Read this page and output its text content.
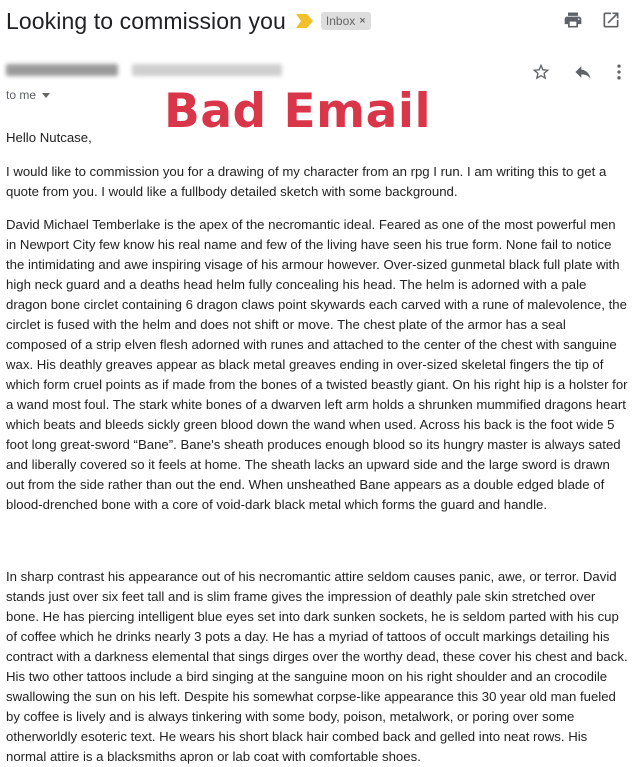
Looking to commission you	Inbox ×
to me	Bad Email

Hello Nutcase,

I would like to commission you for a drawing of my character from an rpg I run. I am writing this to get a quote from you. I would like a fullbody detailed sketch with some background.

David Michael Temberlake is the apex of the necromantic ideal. Feared as one of the most powerful men in Newport City few know his real name and few of the living have seen his true form. None fail to notice the intimidating and awe inspiring visage of his armour however. Over-sized gunmetal black full plate with high neck guard and a deaths head helm fully concealing his head. The helm is adorned with a pale dragon bone circlet containing 6 dragon claws point skywards each carved with a rune of malevolence, the circlet is fused with the helm and does not shift or move. The chest plate of the armor has a seal composed of a strip elven flesh adorned with runes and attached to the center of the chest with sanguine wax. His deathly greaves appear as black metal greaves ending in over-sized skeletal fingers the tip of which form cruel points as if made from the bones of a twisted beastly giant. On his right hip is a holster for a wand most foul. The stark white bones of a dwarven left arm holds a shrunken mummified dragons heart which beats and bleeds sickly green blood down the wand when used. Across his back is the foot wide 5 foot long great-sword “Bane”. Bane's sheath produces enough blood so its hungry master is always sated and liberally covered so it feels at home. The sheath lacks an upward side and the large sword is drawn out from the side rather than out the end. When unsheathed Bane appears as a double edged blade of blood-drenched bone with a core of void-dark black metal which forms the guard and handle.

In sharp contrast his appearance out of his necromantic attire seldom causes panic, awe, or terror. David stands just over six feet tall and is slim frame gives the impression of deathly pale skin stretched over bone. He has piercing intelligent blue eyes set into dark sunken sockets, he is seldom parted with his cup of coffee which he drinks nearly 3 pots a day. He has a myriad of tattoos of occult markings detailing his contract with a darkness elemental that sings dirges over the worthy dead, these cover his chest and back. His two other tattoos include a bird singing at the sanguine moon on his right shoulder and an crocodile swallowing the sun on his left. Despite his somewhat corpse-like appearance this 30 year old man fueled by coffee is lively and is always tinkering with some body, poison, metalwork, or poring over some otherworldly esoteric text. He wears his short black hair combed back and gelled into neat rows. His normal attire is a blacksmiths apron or lab coat with comfortable shoes.
